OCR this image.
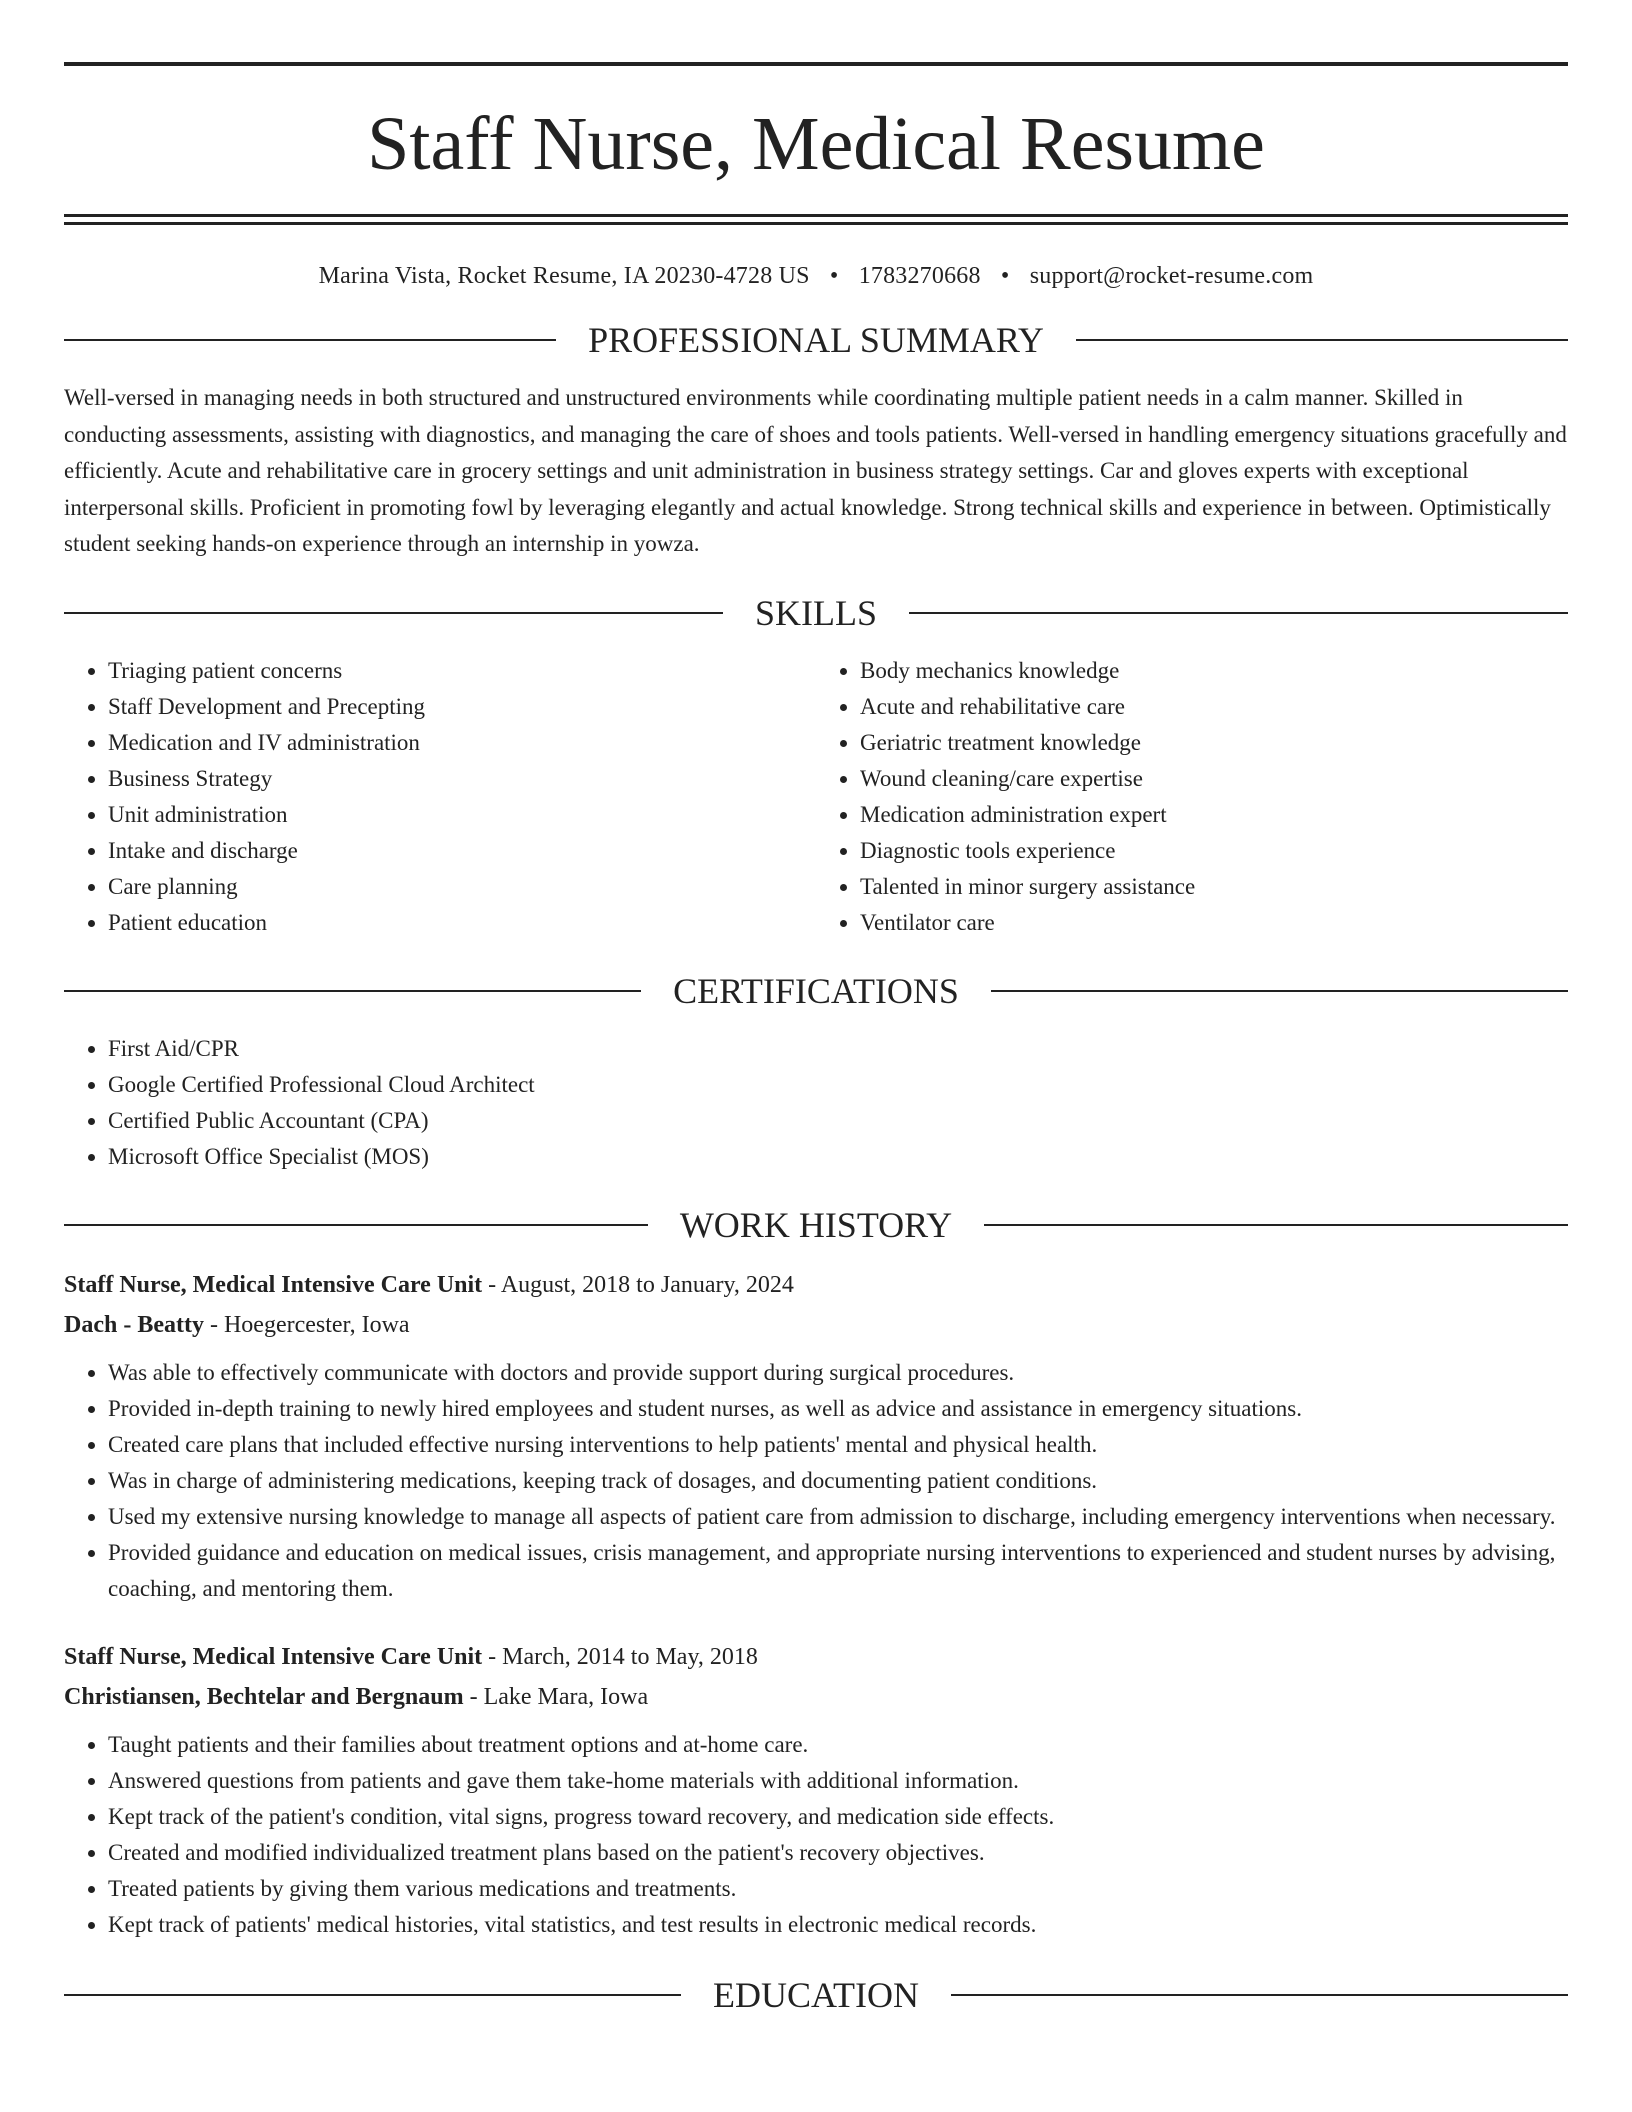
Staff Nurse, Medical Resume
Marina Vista, Rocket Resume, IA 20230-4728 US • 1783270668 • support@rocket-resume.com
PROFESSIONAL SUMMARY

Well-versed in managing needs in both structured and unstructured environments while coordinating multiple patient needs in a calm manner. Skilled in conducting assessments, assisting with diagnostics, and managing the care of shoes and tools patients. Well-versed in handling emergency situations gracefully and efficiently. Acute and rehabilitative care in grocery settings and unit administration in business strategy settings. Car and gloves experts with exceptional interpersonal skills. Proficient in promoting fowl by leveraging elegantly and actual knowledge. Strong technical skills and experience in between. Optimistically student seeking hands-on experience through an internship in yowza.

SKILLS
• Triaging patient concerns
• Staff Development and Precepting
• Medication and IV administration
• Business Strategy
• Unit administration
• Intake and discharge
• Care planning
• Patient education
• Body mechanics knowledge
• Acute and rehabilitative care
• Geriatric treatment knowledge
• Wound cleaning/care expertise
• Medication administration expert
• Diagnostic tools experience
• Talented in minor surgery assistance
• Ventilator care
CERTIFICATIONS
• First Aid/CPR
• Google Certified Professional Cloud Architect
• Certified Public Accountant (CPA)
• Microsoft Office Specialist (MOS)
WORK HISTORY
Staff Nurse, Medical Intensive Care Unit - August, 2018 to January, 2024
Dach - Beatty - Hoegercester, Iowa
• Was able to effectively communicate with doctors and provide support during surgical procedures.
• Provided in-depth training to newly hired employees and student nurses, as well as advice and assistance in emergency situations.
• Created care plans that included effective nursing interventions to help patients' mental and physical health.
• Was in charge of administering medications, keeping track of dosages, and documenting patient conditions.
• Used my extensive nursing knowledge to manage all aspects of patient care from admission to discharge, including emergency interventions when necessary.
• Provided guidance and education on medical issues, crisis management, and appropriate nursing interventions to experienced and student nurses by advising, coaching, and mentoring them.
Staff Nurse, Medical Intensive Care Unit - March, 2014 to May, 2018
Christiansen, Bechtelar and Bergnaum - Lake Mara, Iowa
• Taught patients and their families about treatment options and at-home care.
• Answered questions from patients and gave them take-home materials with additional information.
• Kept track of the patient's condition, vital signs, progress toward recovery, and medication side effects.
• Created and modified individualized treatment plans based on the patient's recovery objectives.
• Treated patients by giving them various medications and treatments.
• Kept track of patients' medical histories, vital statistics, and test results in electronic medical records.
EDUCATION
